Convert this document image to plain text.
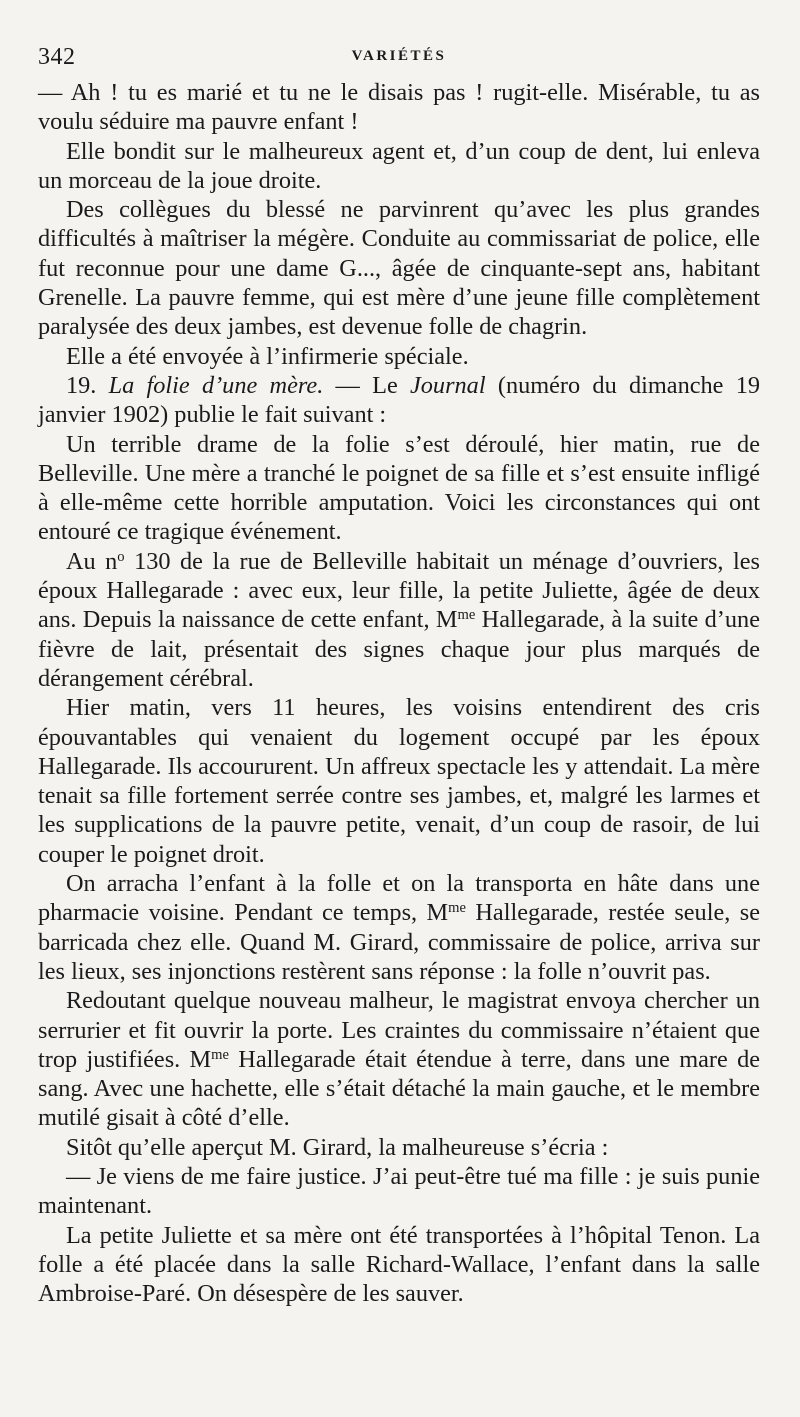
342	VARIÉTÉS

— Ah ! tu es marié et tu ne le disais pas ! rugit-elle. Misérable, tu as voulu séduire ma pauvre enfant !

Elle bondit sur le malheureux agent et, d’un coup de dent, lui enleva un morceau de la joue droite.

Des collègues du blessé ne parvinrent qu’avec les plus grandes difficultés à maîtriser la mégère. Conduite au commissariat de police, elle fut reconnue pour une dame G..., âgée de cinquante-sept ans, habitant Grenelle. La pauvre femme, qui est mère d’une jeune fille complètement paralysée des deux jambes, est devenue folle de chagrin.

Elle a été envoyée à l’infirmerie spéciale.

19. La folie d’une mère. — Le Journal (numéro du dimanche 19 janvier 1902) publie le fait suivant :

Un terrible drame de la folie s’est déroulé, hier matin, rue de Belleville. Une mère a tranché le poignet de sa fille et s’est ensuite infligé à elle-même cette horrible amputation. Voici les circonstances qui ont entouré ce tragique événement.

Au $n^o$ 130 de la rue de Belleville habitait un ménage d’ouvriers, les époux Hallegarade : avec eux, leur fille, la petite Juliette, âgée de deux ans. Depuis la naissance de cette enfant, $M^{me}$ Hallegarade, à la suite d’une fièvre de lait, présentait des signes chaque jour plus marqués de dérangement cérébral.

Hier matin, vers 11 heures, les voisins entendirent des cris épouvantables qui venaient du logement occupé par les époux Hallegarade. Ils accoururent. Un affreux spectacle les y attendait. La mère tenait sa fille fortement serrée contre ses jambes, et, malgré les larmes et les supplications de la pauvre petite, venait, d’un coup de rasoir, de lui couper le poignet droit.

On arracha l’enfant à la folle et on la transporta en hâte dans une pharmacie voisine. Pendant ce temps, $M^{me}$ Hallegarade, restée seule, se barricada chez elle. Quand M. Girard, commissaire de police, arriva sur les lieux, ses injonctions restèrent sans réponse : la folle n’ouvrit pas.

Redoutant quelque nouveau malheur, le magistrat envoya chercher un serrurier et fit ouvrir la porte. Les craintes du commissaire n’étaient que trop justifiées. $M^{me}$ Hallegarade était étendue à terre, dans une mare de sang. Avec une hachette, elle s’était détaché la main gauche, et le membre mutilé gisait à côté d’elle.

Sitôt qu’elle aperçut M. Girard, la malheureuse s’écria :

— Je viens de me faire justice. J’ai peut-être tué ma fille : je suis punie maintenant.

La petite Juliette et sa mère ont été transportées à l’hôpital Tenon. La folle a été placée dans la salle Richard-Wallace, l’enfant dans la salle Ambroise-Paré. On désespère de les sauver.
